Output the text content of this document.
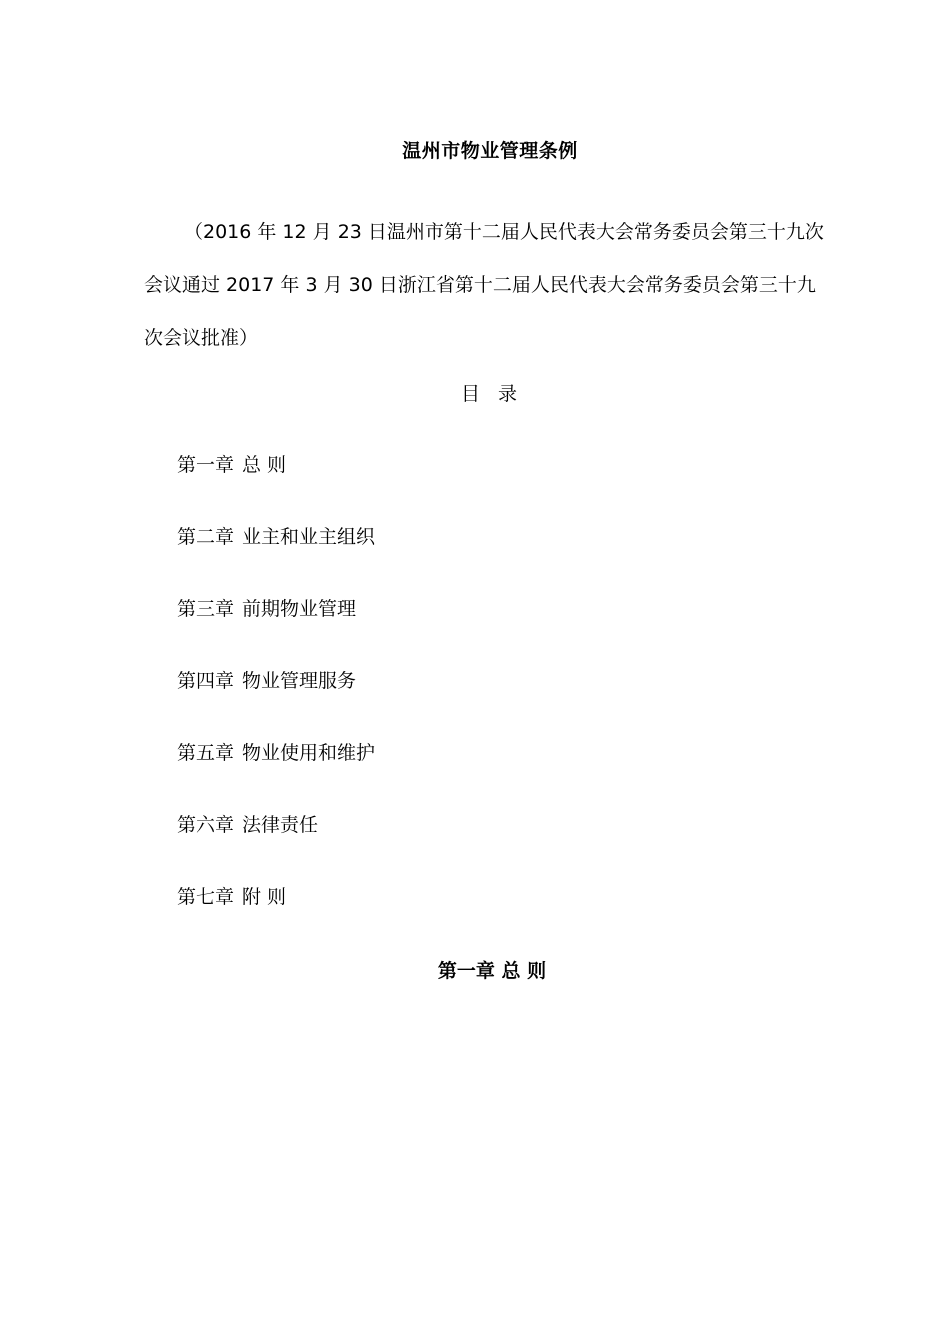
温州市物业管理条例
（2016 年 12 月 23 日温州市第十二届人民代表大会常务委员会第三十九次
会议通过 2017 年 3 月 30 日浙江省第十二届人民代表大会常务委员会第三十九
次会议批准）
目 录
第一章 总 则
第二章 业主和业主组织
第三章 前期物业管理
第四章 物业管理服务
第五章 物业使用和维护
第六章 法律责任
第七章 附 则
第一章 总 则
